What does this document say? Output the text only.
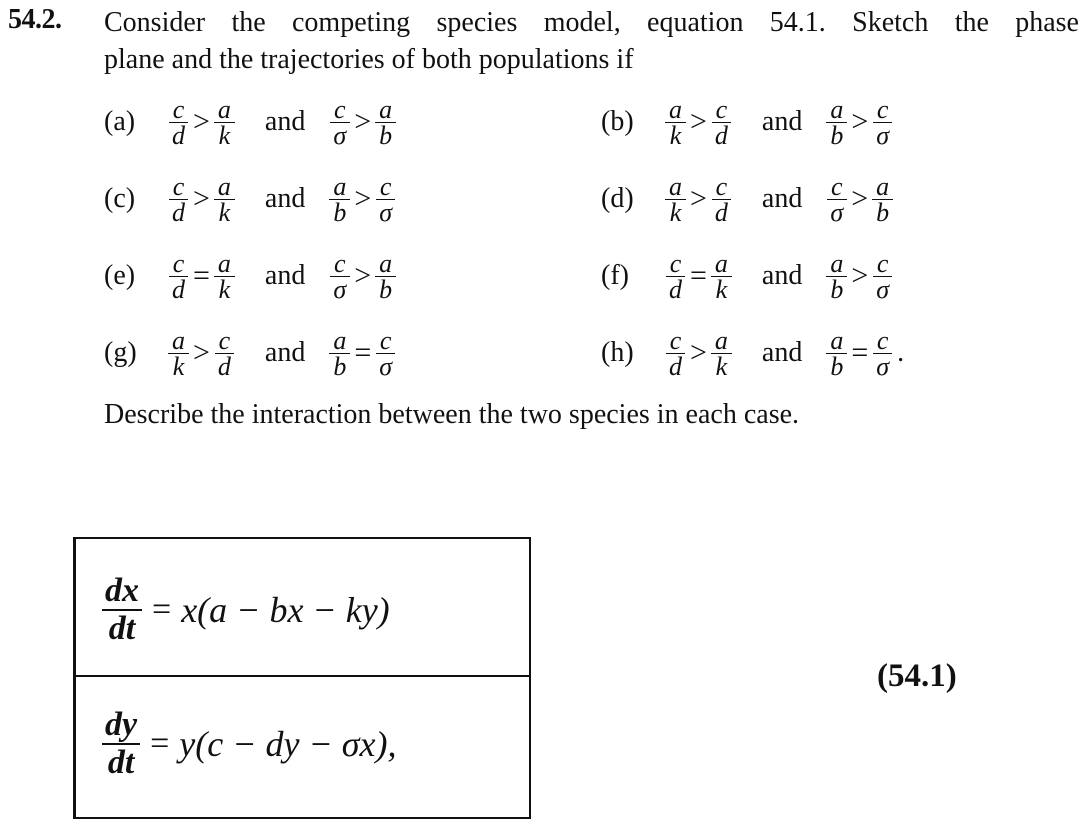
54.2. Consider the competing species model, equation 54.1. Sketch the phase
plane and the trajectories of both populations if
(a)	$\frac{c}{d} > \frac{a}{k}$ and $\frac{c}{\sigma} > \frac{a}{b}$	(b)	$\frac{a}{k} > \frac{c}{d}$ and $\frac{a}{b} > \frac{c}{\sigma}$
(c)	$\frac{c}{d} > \frac{a}{k}$ and $\frac{a}{b} > \frac{c}{\sigma}$	(d)	$\frac{a}{k} > \frac{c}{d}$ and $\frac{c}{\sigma} > \frac{a}{b}$
(e)	$\frac{c}{d} = \frac{a}{k}$ and $\frac{c}{\sigma} > \frac{a}{b}$	(f)	$\frac{c}{d} = \frac{a}{k}$ and $\frac{a}{b} > \frac{c}{\sigma}$
(g)	$\frac{a}{k} > \frac{c}{d}$ and $\frac{a}{b} = \frac{c}{\sigma}$	(h)	$\frac{c}{d} > \frac{a}{k}$ and $\frac{a}{b} = \frac{c}{\sigma}$ .
Describe the interaction between the two species in each case.
$\frac{dx}{dt} = x(a$ − bx − ky)
$\frac{dy}{dt} = y(c$ − dy − σx),
(54.1)
